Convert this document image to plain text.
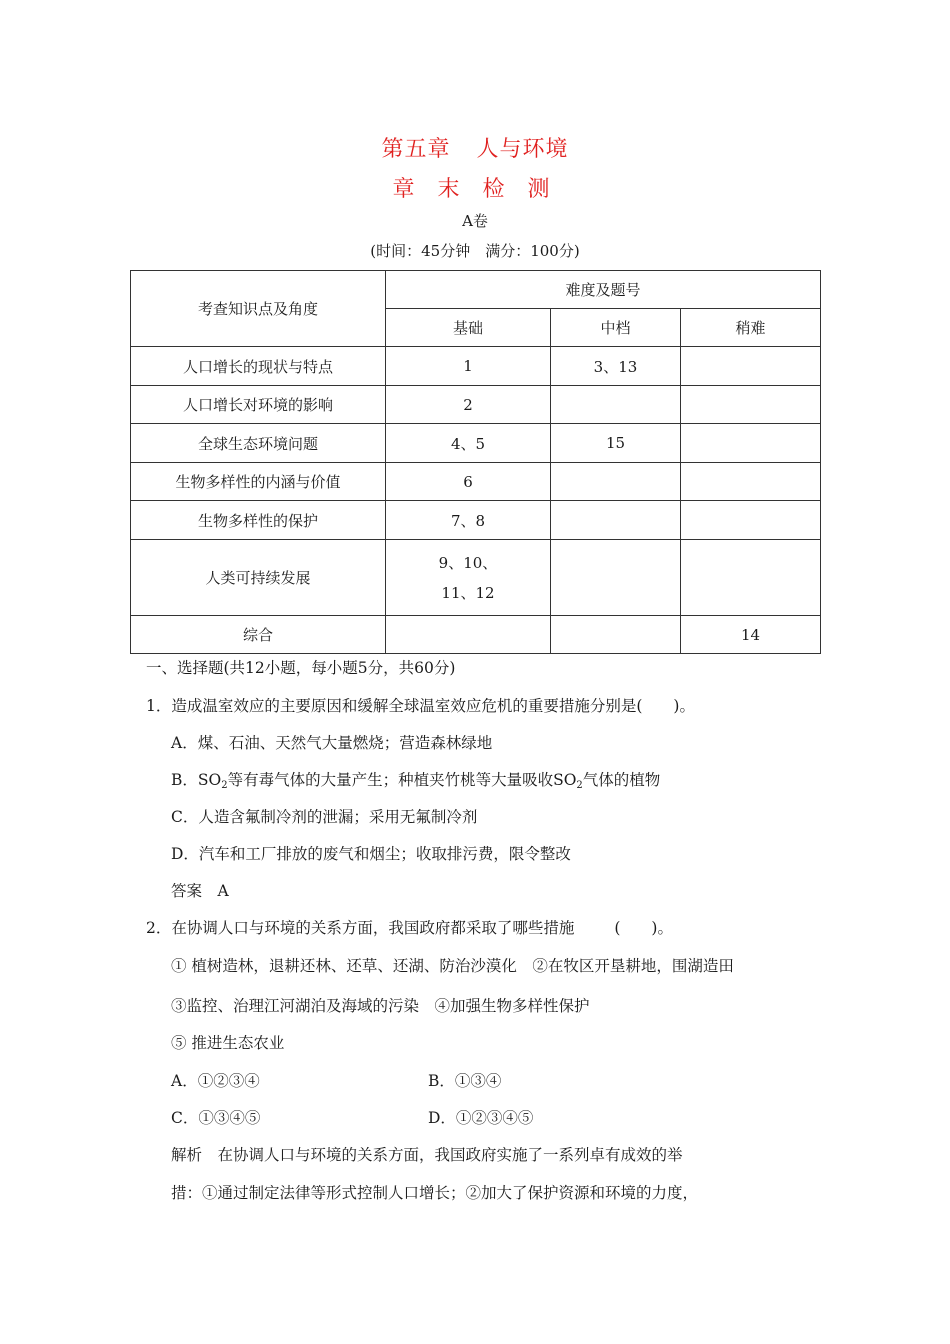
第五章 人与环境
章 末 检 测
A卷
(时间：45分钟　满分：100分)
考查知识点及角度	难度及题号		
	基础	中档	稍难
人口增长的现状与特点	1	3、13	
人口增长对环境的影响	2		
全球生态环境问题	4、5	15	
生物多样性的内涵与价值	6		
生物多样性的保护	7、8		
人类可持续发展	9、10、
11、12		

综合			14
一、选择题(共12小题，每小题5分，共60分)
1．造成温室效应的主要原因和缓解全球温室效应危机的重要措施分别是(　　)。
A．煤、石油、天然气大量燃烧；营造森林绿地
B．$SO_2$等有毒气体的大量产生；种植夹竹桃等大量吸收$SO_2$气体的植物
C．人造含氟制冷剂的泄漏；采用无氟制冷剂
D．汽车和工厂排放的废气和烟尘；收取排污费，限令整改
答案　A
2．在协调人口与环境的关系方面，我国政府都采取了哪些措施	(　　)。
① 植树造林，退耕还林、还草、还湖、防治沙漠化　②在牧区开垦耕地，围湖造田
③监控、治理江河湖泊及海域的污染　④加强生物多样性保护
⑤ 推进生态农业
A．①②③④	B．①③④
C．①③④⑤	D．①②③④⑤
解析　在协调人口与环境的关系方面，我国政府实施了一系列卓有成效的举
措：①通过制定法律等形式控制人口增长；②加大了保护资源和环境的力度，
